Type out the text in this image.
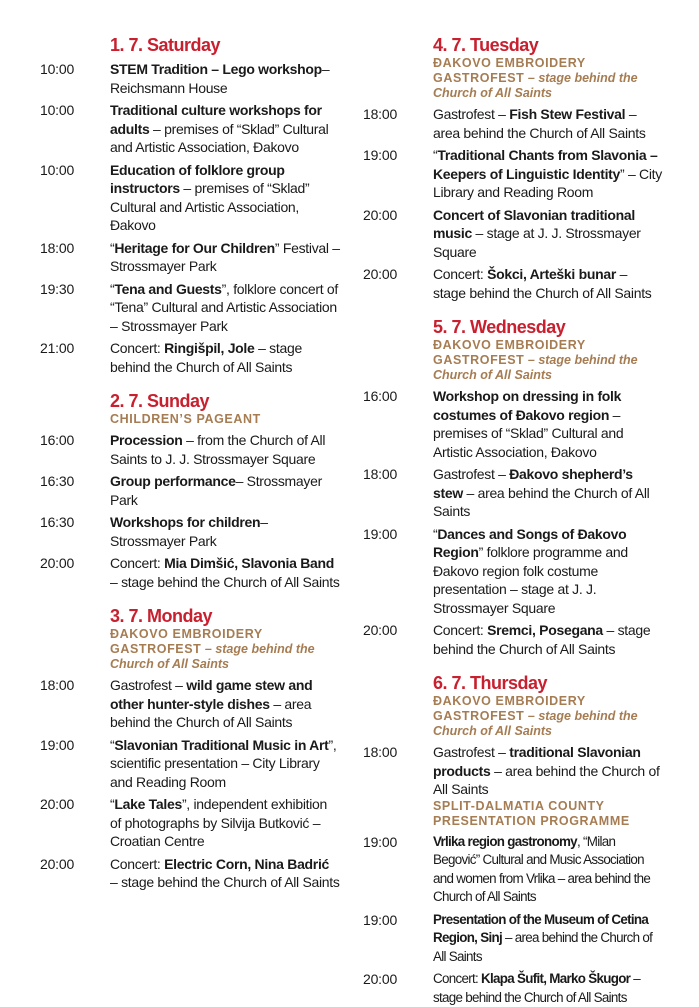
1. 7. Saturday
10:00	STEM Tradition – Lego workshop– Reichsmann House
10:00	Traditional culture workshops for adults – premises of “Sklad” Cultural and Artistic Association, Đakovo
10:00	Education of folklore group instructors – premises of “Sklad” Cultural and Artistic Association, Đakovo
18:00	“Heritage for Our Children” Festival – Strossmayer Park
19:30	“Tena and Guests”, folklore concert of “Tena” Cultural and Artistic Association – Strossmayer Park
21:00	Concert: Ringišpil, Jole – stage behind the Church of All Saints
2. 7. Sunday
CHILDREN’S PAGEANT
16:00	Procession – from the Church of All Saints to J. J. Strossmayer Square
16:30	Group performance– Strossmayer Park
16:30	Workshops for children– Strossmayer Park
20:00	Concert: Mia Dimšić, Slavonia Band – stage behind the Church of All Saints
3. 7. Monday
ĐAKOVO EMBROIDERY
GASTROFEST – stage behind the Church of All Saints
18:00	Gastrofest – wild game stew and other hunter-style dishes – area behind the Church of All Saints
19:00	“Slavonian Traditional Music in Art”, scientific presentation – City Library and Reading Room
20:00	“Lake Tales”, independent exhibition of photographs by Silvija Butković – Croatian Centre
20:00	Concert: Electric Corn, Nina Badrić – stage behind the Church of All Saints
4. 7. Tuesday
ĐAKOVO EMBROIDERY
GASTROFEST – stage behind the Church of All Saints
18:00	Gastrofest – Fish Stew Festival – area behind the Church of All Saints
19:00	“Traditional Chants from Slavonia – Keepers of Linguistic Identity” – City Library and Reading Room
20:00	Concert of Slavonian traditional music – stage at J. J. Strossmayer Square
20:00	Concert: Šokci, Arteški bunar – stage behind the Church of All Saints
5. 7. Wednesday
ĐAKOVO EMBROIDERY
GASTROFEST – stage behind the Church of All Saints
16:00	Workshop on dressing in folk costumes of Đakovo region – premises of “Sklad” Cultural and Artistic Association, Đakovo
18:00	Gastrofest – Đakovo shepherd’s stew – area behind the Church of All Saints
19:00	“Dances and Songs of Đakovo Region” folklore programme and Đakovo region folk costume presentation – stage at J. J. Strossmayer Square
20:00	Concert: Sremci, Posegana – stage behind the Church of All Saints
6. 7. Thursday
ĐAKOVO EMBROIDERY
GASTROFEST – stage behind the Church of All Saints
18:00	Gastrofest – traditional Slavonian products – area behind the Church of All Saints
SPLIT-DALMATIA COUNTY
PRESENTATION PROGRAMME
19:00	Vrlika region gastronomy, “Milan Begović” Cultural and Music Association and women from Vrlika – area behind the Church of All Saints
19:00	Presentation of the Museum of Cetina Region, Sinj – area behind the Church of All Saints
20:00	Concert: Klapa Šufit, Marko Škugor – stage behind the Church of All Saints
